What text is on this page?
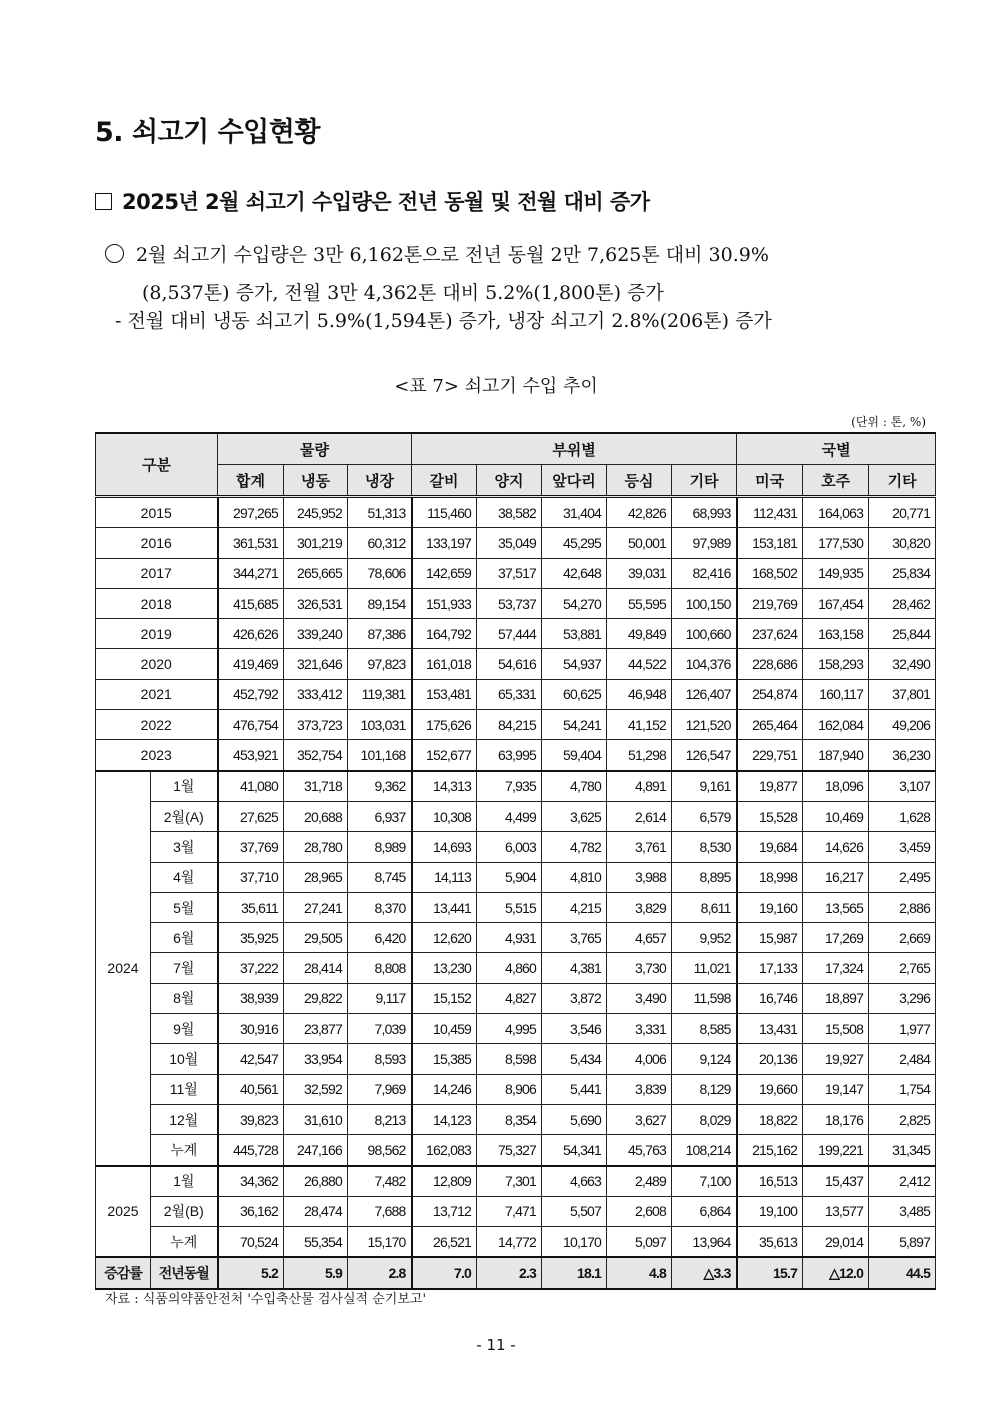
5. 쇠고기 수입현황
2025년 2월 쇠고기 수입량은 전년 동월 및 전월 대비 증가
2월 쇠고기 수입량은 3만 6,162톤으로 전년 동월 2만 7,625톤 대비 30.9%
(8,537톤) 증가, 전월 3만 4,362톤 대비 5.2%(1,800톤) 증가
- 전월 대비 냉동 쇠고기 5.9%(1,594톤) 증가, 냉장 쇠고기 2.8%(206톤) 증가
<표 7> 쇠고기 수입 추이
(단위 : 톤, %)
구분		물량			부위별					국별		
		합계	냉동	냉장	갈비	양지	앞다리	등심	기타	미국	호주	기타
2015		297,265	245,952	51,313	115,460	38,582	31,404	42,826	68,993	112,431	164,063	20,771
2016		361,531	301,219	60,312	133,197	35,049	45,295	50,001	97,989	153,181	177,530	30,820
2017		344,271	265,665	78,606	142,659	37,517	42,648	39,031	82,416	168,502	149,935	25,834
2018		415,685	326,531	89,154	151,933	53,737	54,270	55,595	100,150	219,769	167,454	28,462
2019		426,626	339,240	87,386	164,792	57,444	53,881	49,849	100,660	237,624	163,158	25,844
2020		419,469	321,646	97,823	161,018	54,616	54,937	44,522	104,376	228,686	158,293	32,490
2021		452,792	333,412	119,381	153,481	65,331	60,625	46,948	126,407	254,874	160,117	37,801
2022		476,754	373,723	103,031	175,626	84,215	54,241	41,152	121,520	265,464	162,084	49,206
2023		453,921	352,754	101,168	152,677	63,995	59,404	51,298	126,547	229,751	187,940	36,230
2024	1월	41,080	31,718	9,362	14,313	7,935	4,780	4,891	9,161	19,877	18,096	3,107
	2월(A)	27,625	20,688	6,937	10,308	4,499	3,625	2,614	6,579	15,528	10,469	1,628
	3월	37,769	28,780	8,989	14,693	6,003	4,782	3,761	8,530	19,684	14,626	3,459
	4월	37,710	28,965	8,745	14,113	5,904	4,810	3,988	8,895	18,998	16,217	2,495
	5월	35,611	27,241	8,370	13,441	5,515	4,215	3,829	8,611	19,160	13,565	2,886
	6월	35,925	29,505	6,420	12,620	4,931	3,765	4,657	9,952	15,987	17,269	2,669
	7월	37,222	28,414	8,808	13,230	4,860	4,381	3,730	11,021	17,133	17,324	2,765
	8월	38,939	29,822	9,117	15,152	4,827	3,872	3,490	11,598	16,746	18,897	3,296
	9월	30,916	23,877	7,039	10,459	4,995	3,546	3,331	8,585	13,431	15,508	1,977
	10월	42,547	33,954	8,593	15,385	8,598	5,434	4,006	9,124	20,136	19,927	2,484
	11월	40,561	32,592	7,969	14,246	8,906	5,441	3,839	8,129	19,660	19,147	1,754
	12월	39,823	31,610	8,213	14,123	8,354	5,690	3,627	8,029	18,822	18,176	2,825
	누계	445,728	247,166	98,562	162,083	75,327	54,341	45,763	108,214	215,162	199,221	31,345
2025	1월	34,362	26,880	7,482	12,809	7,301	4,663	2,489	7,100	16,513	15,437	2,412
	2월(B)	36,162	28,474	7,688	13,712	7,471	5,507	2,608	6,864	19,100	13,577	3,485
	누계	70,524	55,354	15,170	26,521	14,772	10,170	5,097	13,964	35,613	29,014	5,897
증감률	전년동월	5.2	5.9	2.8	7.0	2.3	18.1	4.8	△3.3	15.7	△12.0	44.5
자료 : 식품의약품안전처 '수입축산물 검사실적 순기보고'
- 11 -
